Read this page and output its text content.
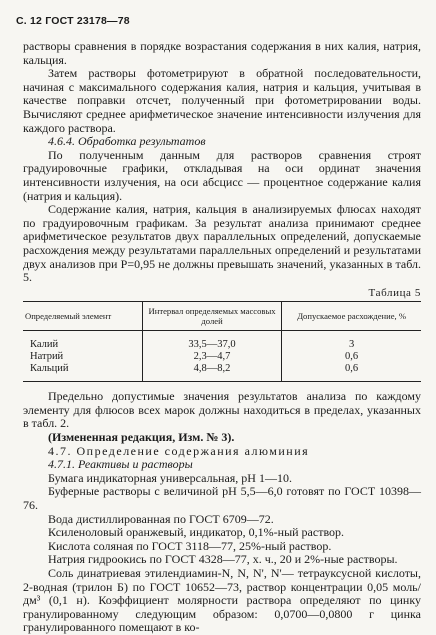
С. 12 ГОСТ 23178—78

растворы сравнения в порядке возрастания содержания в них калия, натрия, кальция.

Затем растворы фотометрируют в обратной последовательности, начиная с максимального содержания калия, натрия и кальция, учитывая в качестве поправки отсчет, полученный при фотометрировании воды. Вычисляют среднее арифметическое значение интенсивности излучения для каждого раствора.

4.6.4. Обработка результатов

По полученным данным для растворов сравнения строят градуировочные графики, откладывая на оси ординат значения интенсивности излучения, на оси абсцисс — процентное содержание калия (натрия и кальция).

Содержание калия, натрия, кальция в анализируемых флюсах находят по градуировочным графикам. За результат анализа принимают среднее арифметическое результатов двух параллельных определений, допускаемые расхождения между результатами параллельных определений и результатами двух анализов при P=0,95 не должны превышать значений, указанных в табл. 5.

Таблица 5
Определяемый элемент	Интервал определяемых массовых долей	Допускаемое расхождение, %
Калий	33,5—37,0	3
Натрий	2,3—4,7	0,6
Кальций	4,8—8,2	0,6

Предельно допустимые значения результатов анализа по каждому элементу для флюсов всех марок должны находиться в пределах, указанных в табл. 2.

(Измененная редакция, Изм. № 3).

4.7. Определение содержания алюминия

4.7.1. Реактивы и растворы

Бумага индикаторная универсальная, pH 1—10.

Буферные растворы с величиной pH 5,5—6,0 готовят по ГОСТ 10398—76.

Вода дистиллированная по ГОСТ 6709—72.

Ксиленоловый оранжевый, индикатор, 0,1%-ный раствор.

Кислота соляная по ГОСТ 3118—77, 25%-ный раствор.

Натрия гидроокись по ГОСТ 4328—77, х. ч., 20 и 2%-ные растворы.

Соль динатриевая этилендиамин-N, N, N', N'— тетрауксусной кислоты, 2-водная (трилон Б) по ГОСТ 10652—73, раствор концентрации 0,05 моль/дм³ (0,1 н). Коэффициент молярности раствора определяют по цинку гранулированному следующим образом: 0,0700—0,0800 г цинка гранулированного помещают в ко-
